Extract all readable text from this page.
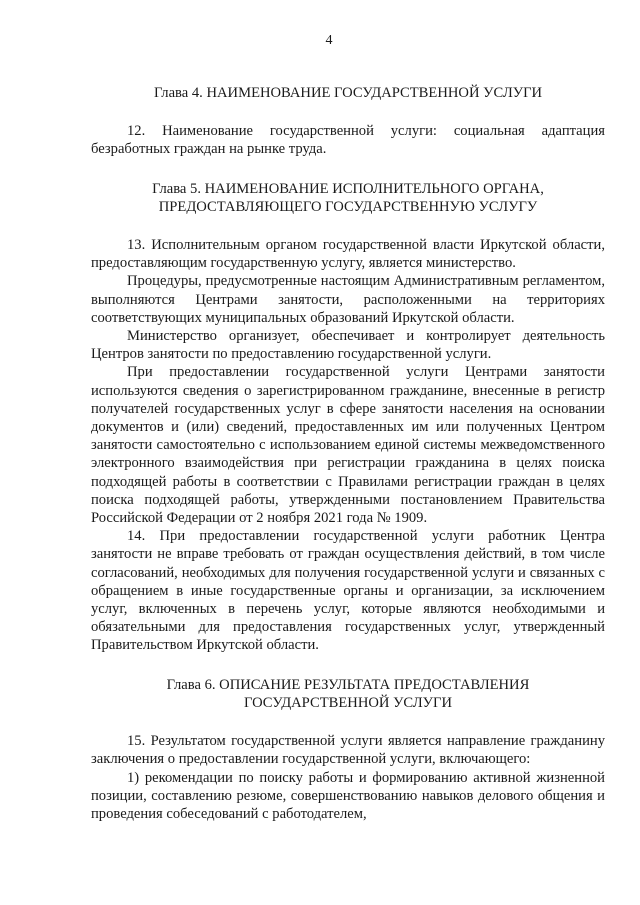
4
Глава 4. НАИМЕНОВАНИЕ ГОСУДАРСТВЕННОЙ УСЛУГИ

12. Наименование государственной услуги: социальная адаптация безработных граждан на рынке труда.

Глава 5. НАИМЕНОВАНИЕ ИСПОЛНИТЕЛЬНОГО ОРГАНА,
ПРЕДОСТАВЛЯЮЩЕГО ГОСУДАРСТВЕННУЮ УСЛУГУ

13. Исполнительным органом государственной власти Иркутской области, предоставляющим государственную услугу, является министерство.

Процедуры, предусмотренные настоящим Административным регламентом, выполняются Центрами занятости, расположенными на территориях соответствующих муниципальных образований Иркутской области.

Министерство организует, обеспечивает и контролирует деятельность Центров занятости по предоставлению государственной услуги.

При предоставлении государственной услуги Центрами занятости используются сведения о зарегистрированном гражданине, внесенные в регистр получателей государственных услуг в сфере занятости населения на основании документов и (или) сведений, предоставленных им или полученных Центром занятости самостоятельно с использованием единой системы межведомственного электронного взаимодействия при регистрации гражданина в целях поиска подходящей работы в соответствии с Правилами регистрации граждан в целях поиска подходящей работы, утвержденными постановлением Правительства Российской Федерации от 2 ноября 2021 года № 1909.

14. При предоставлении государственной услуги работник Центра занятости не вправе требовать от граждан осуществления действий, в том числе согласований, необходимых для получения государственной услуги и связанных с обращением в иные государственные органы и организации, за исключением услуг, включенных в перечень услуг, которые являются необходимыми и обязательными для предоставления государственных услуг, утвержденный Правительством Иркутской области.

Глава 6. ОПИСАНИЕ РЕЗУЛЬТАТА ПРЕДОСТАВЛЕНИЯ
ГОСУДАРСТВЕННОЙ УСЛУГИ

15. Результатом государственной услуги является направление гражданину заключения о предоставлении государственной услуги, включающего:

1) рекомендации по поиску работы и формированию активной жизненной позиции, составлению резюме, совершенствованию навыков делового общения и проведения собеседований с работодателем,
